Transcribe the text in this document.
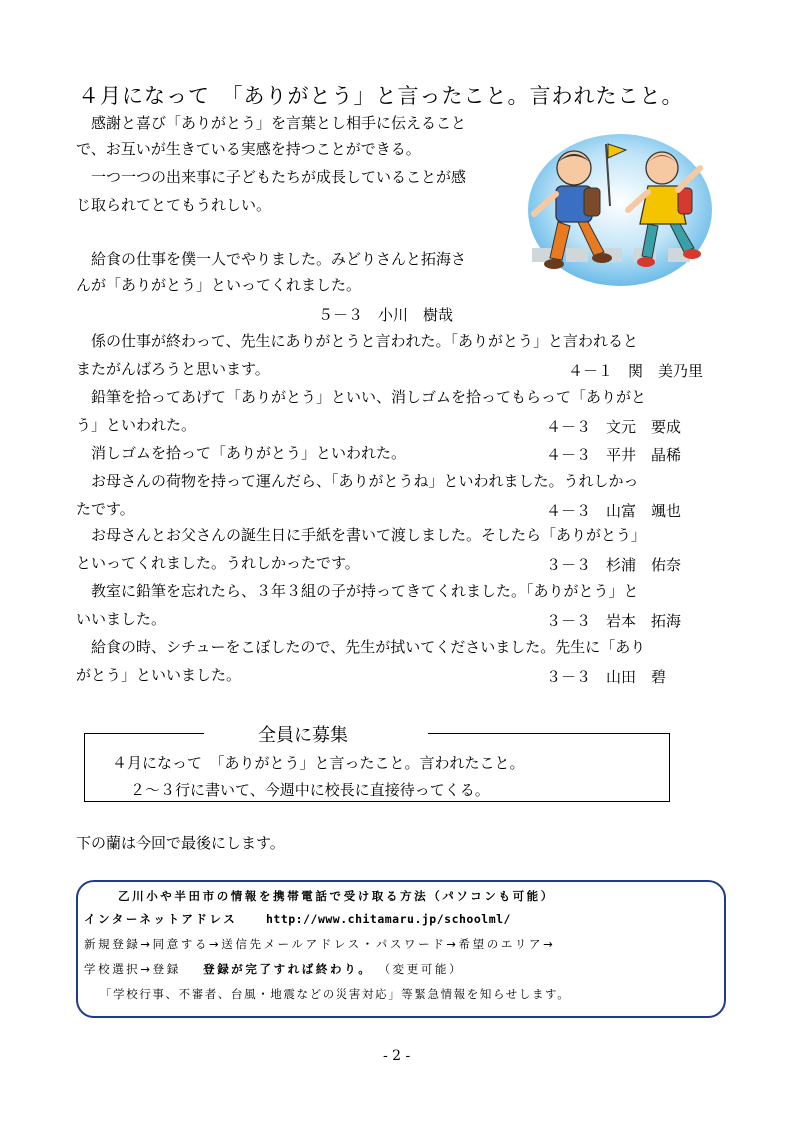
４月になって　「ありがとう」と言ったこと。言われたこと。
　感謝と喜び「ありがとう」を言葉とし相手に伝えること
で、お互いが生きている実感を持つことができる。
　一つ一つの出来事に子どもたちが成長していることが感
じ取られてとてもうれしい。
　給食の仕事を僕一人でやりました。みどりさんと拓海さ
んが「ありがとう」といってくれました。
５－３　小川　樹哉
　係の仕事が終わって、先生にありがとうと言われた。「ありがとう」と言われると
またがんばろうと思います。	４－１　関　美乃里
　鉛筆を拾ってあげて「ありがとう」といい、消しゴムを拾ってもらって「ありがと
う」といわれた。	４－３　文元　要成
　消しゴムを拾って「ありがとう」といわれた。	４－３　平井　晶稀
　お母さんの荷物を持って運んだら、「ありがとうね」といわれました。うれしかっ
たです。	４－３　山富　颯也
　お母さんとお父さんの誕生日に手紙を書いて渡しました。そしたら「ありがとう」
といってくれました。うれしかったです。	３－３　杉浦　佑奈
　教室に鉛筆を忘れたら、３年３組の子が持ってきてくれました。「ありがとう」と
いいました。	３－３　岩本　拓海
　給食の時、シチューをこぼしたので、先生が拭いてくださいました。先生に「あり
がとう」といいました。	３－３　山田　碧
全員に募集
４月になって　「ありがとう」と言ったこと。言われたこと。
２～３行に書いて、今週中に校長に直接待ってくる。
下の蘭は今回で最後にします。
乙川小や半田市の情報を携帯電話で受け取る方法（パソコンも可能）
インターネットアドレス http://www.chitamaru.jp/schoolml/
新規登録→同意する→送信先メールアドレス・パスワード→希望のエリア→
学校選択→登録 登録が完了すれば終わり。 （変更可能）
「学校行事、不審者、台風・地震などの災害対応」等緊急情報を知らせします。
- 2 -
